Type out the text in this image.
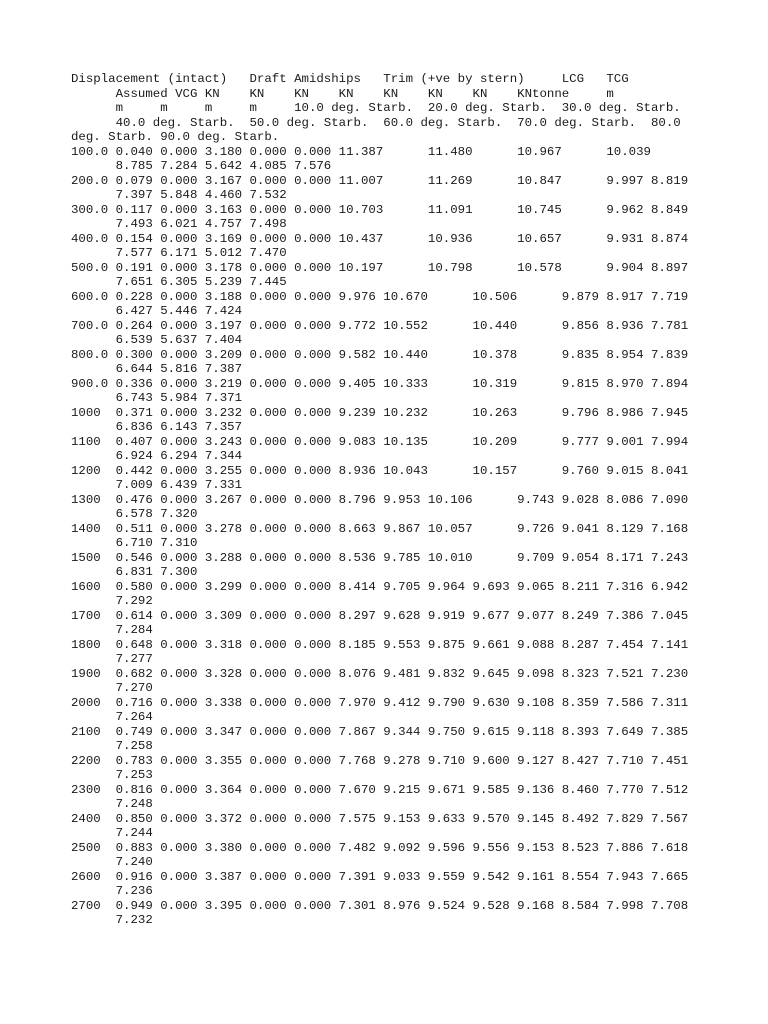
Displacement (intact)   Draft Amidships   Trim (+ve by stern)     LCG   TCG
Assumed VCG KN    KN    KN    KN    KN    KN    KN    KNtonne     m
m     m     m     m     10.0 deg. Starb.  20.0 deg. Starb.  30.0 deg. Starb.
40.0 deg. Starb.  50.0 deg. Starb.  60.0 deg. Starb.  70.0 deg. Starb.  80.0
deg. Starb. 90.0 deg. Starb.
100.0 0.040 0.000 3.180 0.000 0.000 11.387      11.480      10.967      10.039
8.785 7.284 5.642 4.085 7.576
200.0 0.079 0.000 3.167 0.000 0.000 11.007      11.269      10.847      9.997 8.819
7.397 5.848 4.460 7.532
300.0 0.117 0.000 3.163 0.000 0.000 10.703      11.091      10.745      9.962 8.849
7.493 6.021 4.757 7.498
400.0 0.154 0.000 3.169 0.000 0.000 10.437      10.936      10.657      9.931 8.874
7.577 6.171 5.012 7.470
500.0 0.191 0.000 3.178 0.000 0.000 10.197      10.798      10.578      9.904 8.897
7.651 6.305 5.239 7.445
600.0 0.228 0.000 3.188 0.000 0.000 9.976 10.670      10.506      9.879 8.917 7.719
6.427 5.446 7.424
700.0 0.264 0.000 3.197 0.000 0.000 9.772 10.552      10.440      9.856 8.936 7.781
6.539 5.637 7.404
800.0 0.300 0.000 3.209 0.000 0.000 9.582 10.440      10.378      9.835 8.954 7.839
6.644 5.816 7.387
900.0 0.336 0.000 3.219 0.000 0.000 9.405 10.333      10.319      9.815 8.970 7.894
6.743 5.984 7.371
1000  0.371 0.000 3.232 0.000 0.000 9.239 10.232      10.263      9.796 8.986 7.945
6.836 6.143 7.357
1100  0.407 0.000 3.243 0.000 0.000 9.083 10.135      10.209      9.777 9.001 7.994
6.924 6.294 7.344
1200  0.442 0.000 3.255 0.000 0.000 8.936 10.043      10.157      9.760 9.015 8.041
7.009 6.439 7.331
1300  0.476 0.000 3.267 0.000 0.000 8.796 9.953 10.106      9.743 9.028 8.086 7.090
6.578 7.320
1400  0.511 0.000 3.278 0.000 0.000 8.663 9.867 10.057      9.726 9.041 8.129 7.168
6.710 7.310
1500  0.546 0.000 3.288 0.000 0.000 8.536 9.785 10.010      9.709 9.054 8.171 7.243
6.831 7.300
1600  0.580 0.000 3.299 0.000 0.000 8.414 9.705 9.964 9.693 9.065 8.211 7.316 6.942
7.292
1700  0.614 0.000 3.309 0.000 0.000 8.297 9.628 9.919 9.677 9.077 8.249 7.386 7.045
7.284
1800  0.648 0.000 3.318 0.000 0.000 8.185 9.553 9.875 9.661 9.088 8.287 7.454 7.141
7.277
1900  0.682 0.000 3.328 0.000 0.000 8.076 9.481 9.832 9.645 9.098 8.323 7.521 7.230
7.270
2000  0.716 0.000 3.338 0.000 0.000 7.970 9.412 9.790 9.630 9.108 8.359 7.586 7.311
7.264
2100  0.749 0.000 3.347 0.000 0.000 7.867 9.344 9.750 9.615 9.118 8.393 7.649 7.385
7.258
2200  0.783 0.000 3.355 0.000 0.000 7.768 9.278 9.710 9.600 9.127 8.427 7.710 7.451
7.253
2300  0.816 0.000 3.364 0.000 0.000 7.670 9.215 9.671 9.585 9.136 8.460 7.770 7.512
7.248
2400  0.850 0.000 3.372 0.000 0.000 7.575 9.153 9.633 9.570 9.145 8.492 7.829 7.567
7.244
2500  0.883 0.000 3.380 0.000 0.000 7.482 9.092 9.596 9.556 9.153 8.523 7.886 7.618
7.240
2600  0.916 0.000 3.387 0.000 0.000 7.391 9.033 9.559 9.542 9.161 8.554 7.943 7.665
7.236
2700  0.949 0.000 3.395 0.000 0.000 7.301 8.976 9.524 9.528 9.168 8.584 7.998 7.708
7.232
